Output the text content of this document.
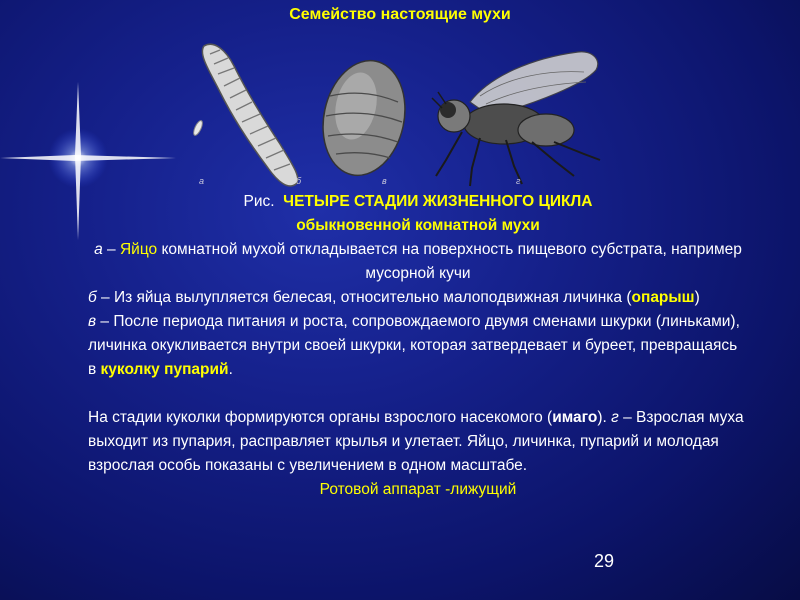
Семейство настоящие мухи
a	б	в	г
Рис. ЧЕТЫРЕ СТАДИИ ЖИЗНЕННОГО ЦИКЛА
обыкновенной комнатной мухи
а – Яйцо комнатной мухой откладывается на поверхность пищевого субстрата, например мусорной кучи
б – Из яйца вылупляется белесая, относительно малоподвижная личинка (опарыш)
в – После периода питания и роста, сопровождаемого двумя сменами шкурки (линьками), личинка окукливается внутри своей шкурки, которая затвердевает и буреет, превращаясь в куколку пупарий.
На стадии куколки формируются органы взрослого насекомого (имаго). г – Взрослая муха выходит из пупария, расправляет крылья и улетает. Яйцо, личинка, пупарий и молодая взрослая особь показаны с увеличением в одном масштабе.
Ротовой аппарат -лижущий
29
